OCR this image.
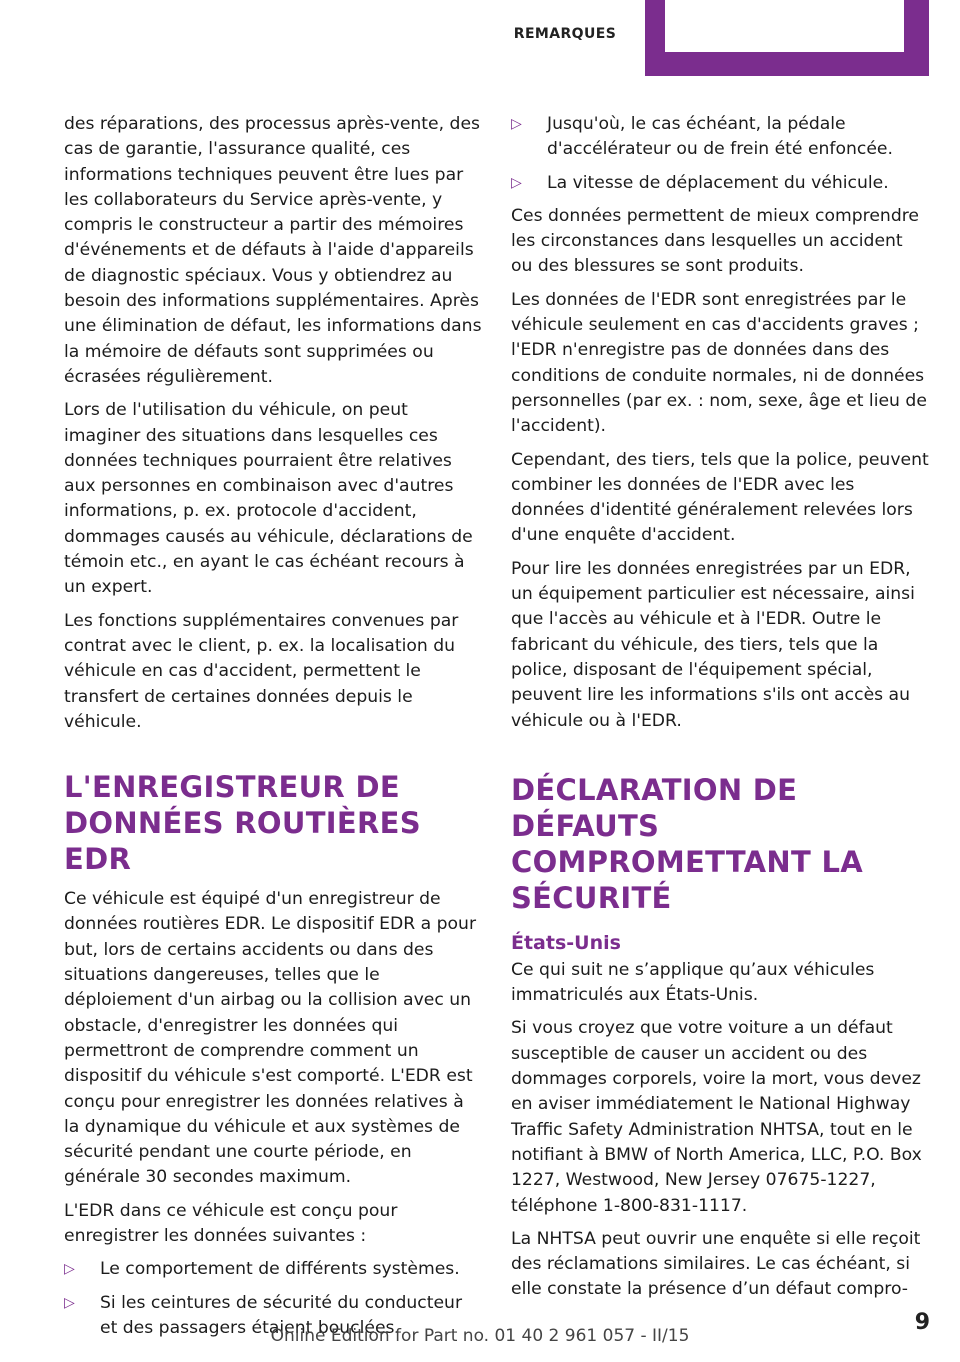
REMARQUES

des réparations, des processus après-vente, des cas de garantie, l'assurance qualité, ces informations techniques peuvent être lues par les collaborateurs du Service après-vente, y compris le constructeur a partir des mémoires d'événements et de défauts à l'aide d'appareils de diagnostic spéciaux. Vous y obtiendrez au besoin des informations supplémentaires. Après une élimination de défaut, les informations dans la mémoire de défauts sont supprimées ou écrasées régulièrement.

Lors de l'utilisation du véhicule, on peut imaginer des situations dans lesquelles ces données techniques pourraient être relatives aux personnes en combinaison avec d'autres informations, p. ex. protocole d'accident, dommages causés au véhicule, déclarations de témoin etc., en ayant le cas échéant recours à un expert.

Les fonctions supplémentaires convenues par contrat avec le client, p. ex. la localisation du véhicule en cas d'accident, permettent le transfert de certaines données depuis le véhicule.

L'ENREGISTREUR DE DONNÉES ROUTIÈRES EDR

Ce véhicule est équipé d'un enregistreur de données routières EDR. Le dispositif EDR a pour but, lors de certains accidents ou dans des situations dangereuses, telles que le déploiement d'un airbag ou la collision avec un obstacle, d'enregistrer les données qui permettront de comprendre comment un dispositif du véhicule s'est comporté. L'EDR est conçu pour enregistrer les données relatives à la dynamique du véhicule et aux systèmes de sécurité pendant une courte période, en générale 30 secondes maximum.

L'EDR dans ce véhicule est conçu pour enregistrer les données suivantes :

▷ Le comportement de différents systèmes.
▷ Si les ceintures de sécurité du conducteur et des passagers étaient bouclées.
▷ Jusqu'où, le cas échéant, la pédale d'accélérateur ou de frein été enfoncée.
▷ La vitesse de déplacement du véhicule.

Ces données permettent de mieux comprendre les circonstances dans lesquelles un accident ou des blessures se sont produits.

Les données de l'EDR sont enregistrées par le véhicule seulement en cas d'accidents graves ; l'EDR n'enregistre pas de données dans des conditions de conduite normales, ni de données personnelles (par ex. : nom, sexe, âge et lieu de l'accident).

Cependant, des tiers, tels que la police, peuvent combiner les données de l'EDR avec les données d'identité généralement relevées lors d'une enquête d'accident.

Pour lire les données enregistrées par un EDR, un équipement particulier est nécessaire, ainsi que l'accès au véhicule et à l'EDR. Outre le fabricant du véhicule, des tiers, tels que la police, disposant de l'équipement spécial, peuvent lire les informations s'ils ont accès au véhicule ou à l'EDR.

DÉCLARATION DE DÉFAUTS COMPROMETTANT LA SÉCURITÉ
États-Unis

Ce qui suit ne s’applique qu’aux véhicules immatriculés aux États-Unis.

Si vous croyez que votre voiture a un défaut susceptible de causer un accident ou des dommages corporels, voire la mort, vous devez en aviser immédiatement le National Highway Traffic Safety Administration NHTSA, tout en le notifiant à BMW of North America, LLC, P.O. Box 1227, Westwood, New Jersey 07675-1227, téléphone 1-800-831-1117.

La NHTSA peut ouvrir une enquête si elle reçoit des réclamations similaires. Le cas échéant, si elle constate la présence d’un défaut compro-

Online Edition for Part no. 01 40 2 961 057 - II/15
9
